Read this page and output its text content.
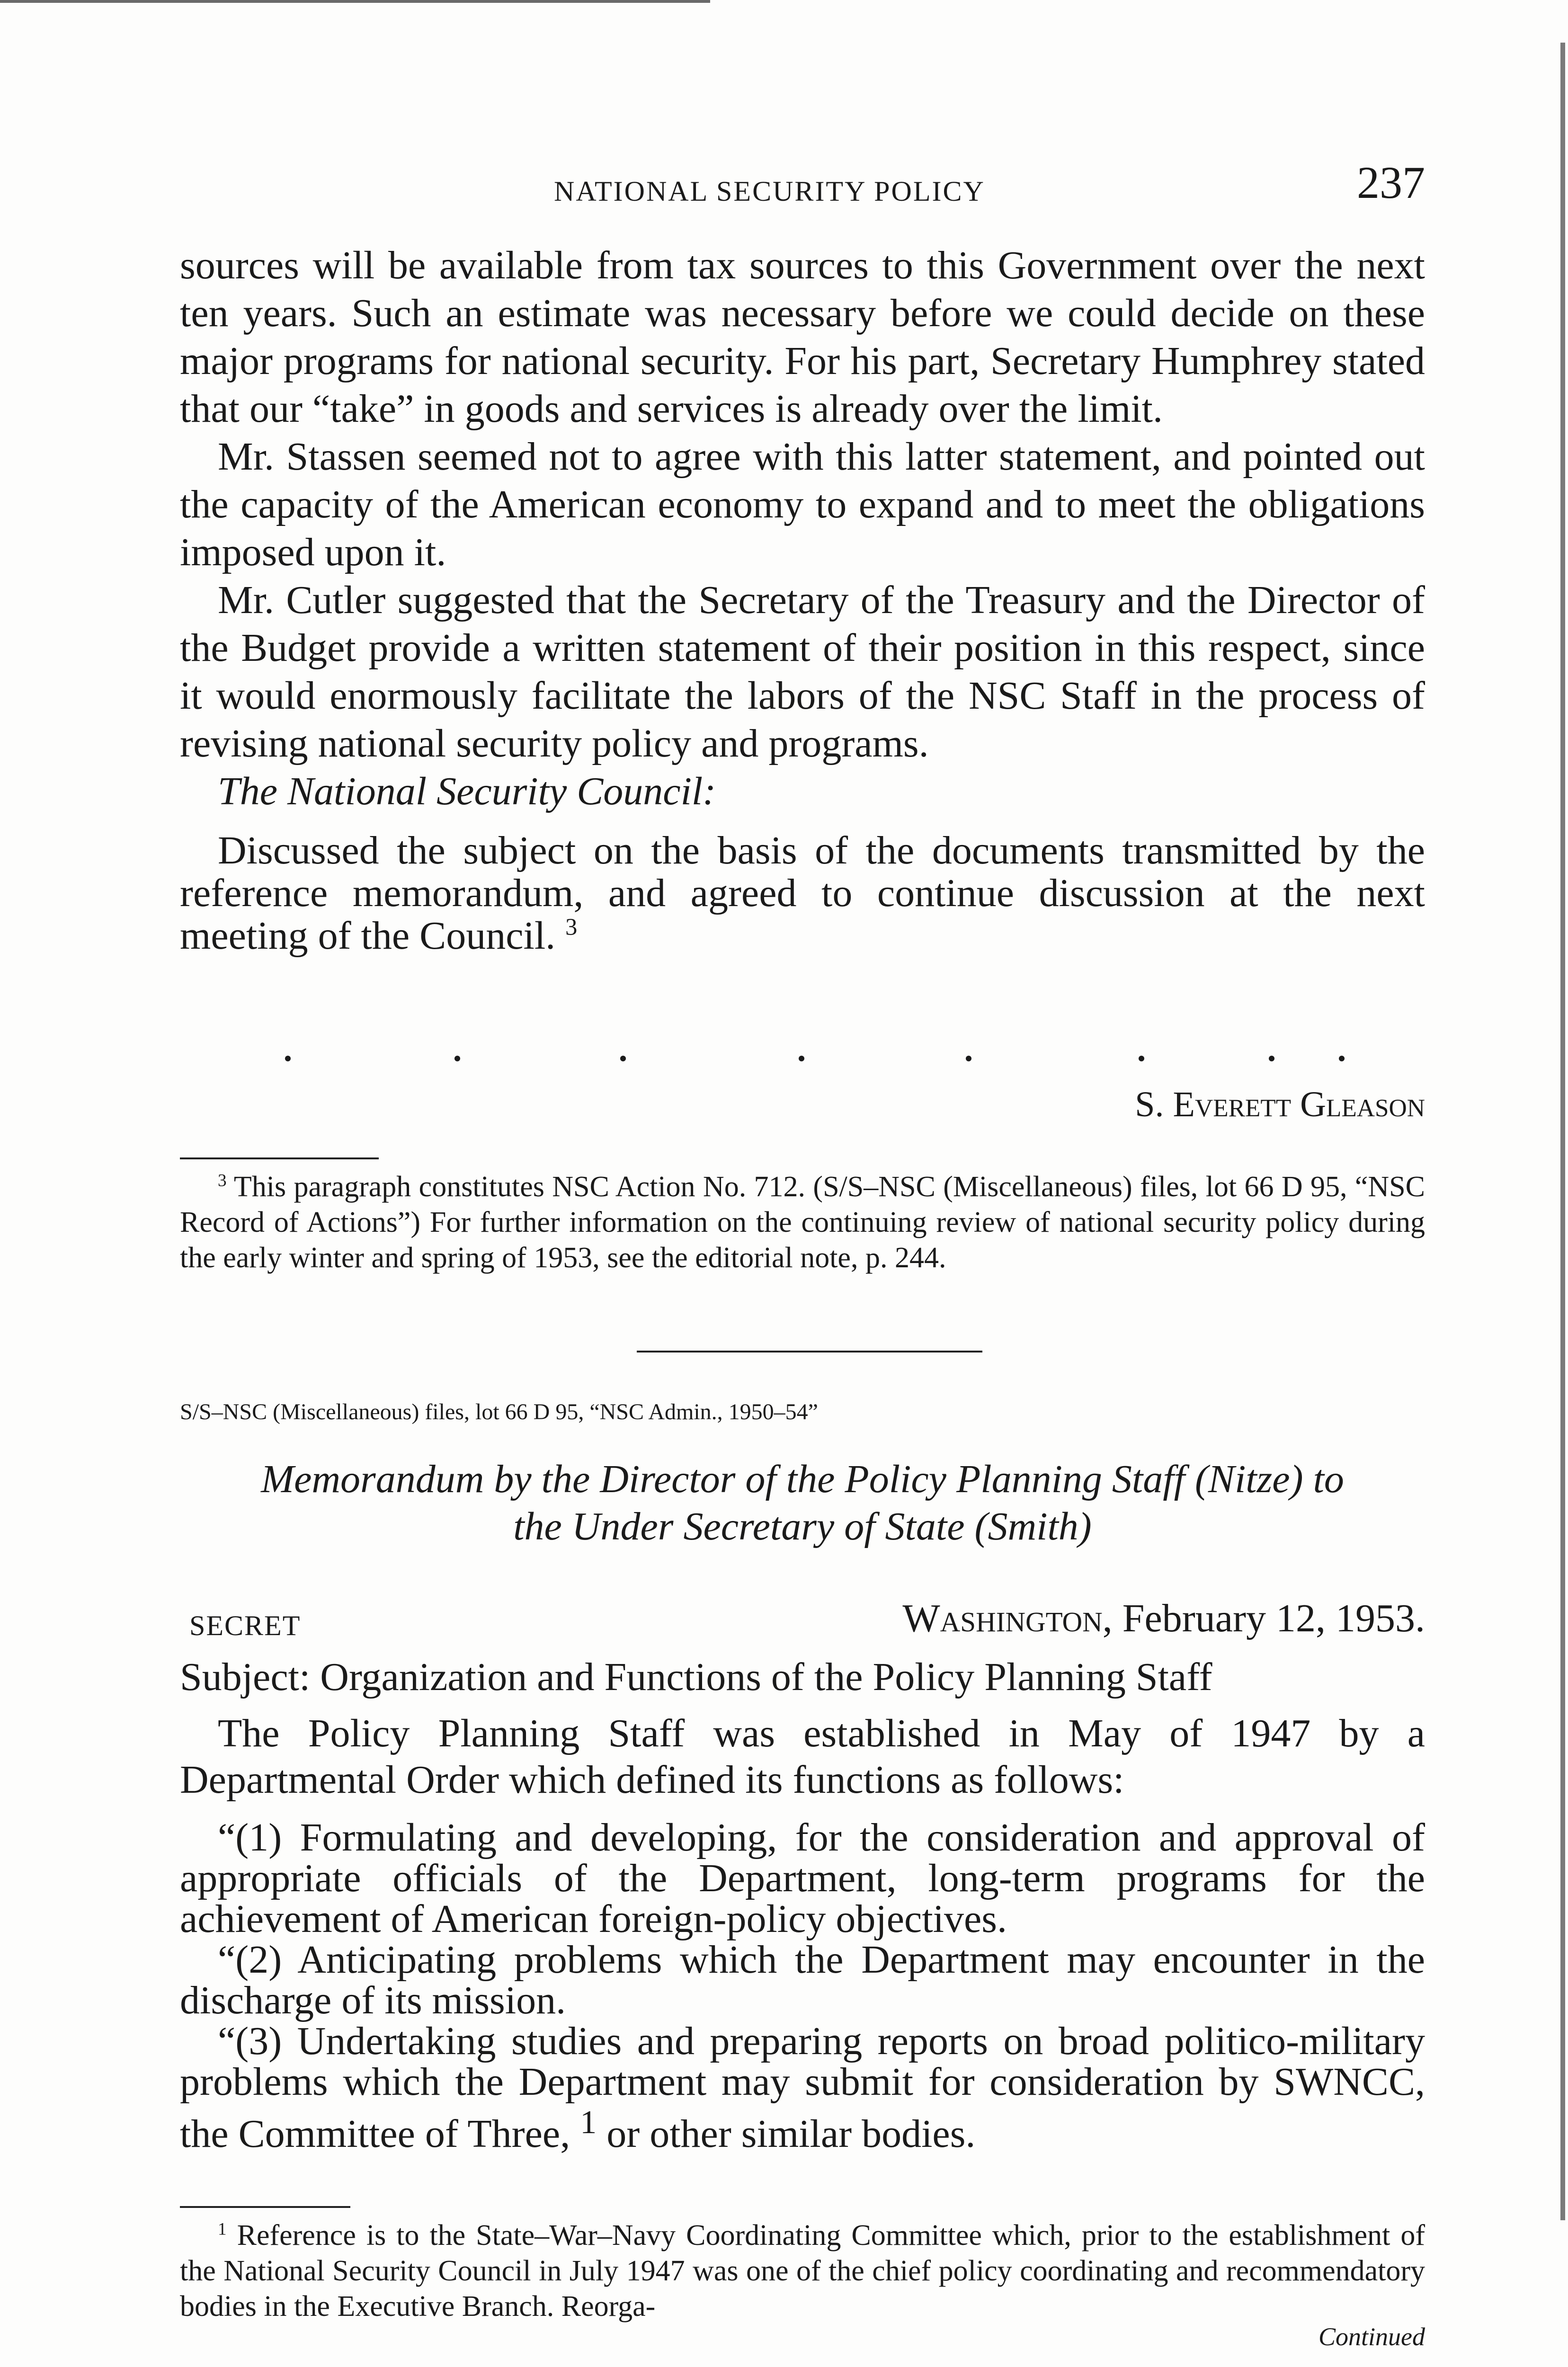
NATIONAL SECURITY POLICY	237

sources will be available from tax sources to this Government over the next ten years. Such an estimate was necessary before we could decide on these major programs for national security. For his part, Secretary Humphrey stated that our “take” in goods and services is already over the limit.

Mr. Stassen seemed not to agree with this latter statement, and pointed out the capacity of the American economy to expand and to meet the obligations imposed upon it.

Mr. Cutler suggested that the Secretary of the Treasury and the Director of the Budget provide a written statement of their position in this respect, since it would enormously facilitate the labors of the NSC Staff in the process of revising national security policy and programs.

The National Security Council:

Discussed the subject on the basis of the documents transmitted by the reference memorandum, and agreed to continue discussion at the next meeting of the Council. $^3$

S. Everett Gleason

$^3$ This paragraph constitutes NSC Action No. 712. (S/S–NSC (Miscellaneous) files, lot 66 D 95, “NSC Record of Actions”) For further information on the continuing review of national security policy during the early winter and spring of 1953, see the editorial note, p. 244.

S/S–NSC (Miscellaneous) files, lot 66 D 95, “NSC Admin., 1950–54”

Memorandum by the Director of the Policy Planning Staff (Nitze) to

the Under Secretary of State (Smith)

SECRET	Washington, February 12, 1953.

Subject: Organization and Functions of the Policy Planning Staff

The Policy Planning Staff was established in May of 1947 by a Departmental Order which defined its functions as follows:

“(1) Formulating and developing, for the consideration and approval of appropriate officials of the Department, long-term programs for the achievement of American foreign-policy objectives.

“(2) Anticipating problems which the Department may encounter in the discharge of its mission.

“(3) Undertaking studies and preparing reports on broad politico-military problems which the Department may submit for consideration by SWNCC, the Committee of Three, $^1$ or other similar bodies.

$^1$ Reference is to the State–War–Navy Coordinating Committee which, prior to the establishment of the National Security Council in July 1947 was one of the chief policy coordinating and recommendatory bodies in the Executive Branch. Reorga-

Continued
